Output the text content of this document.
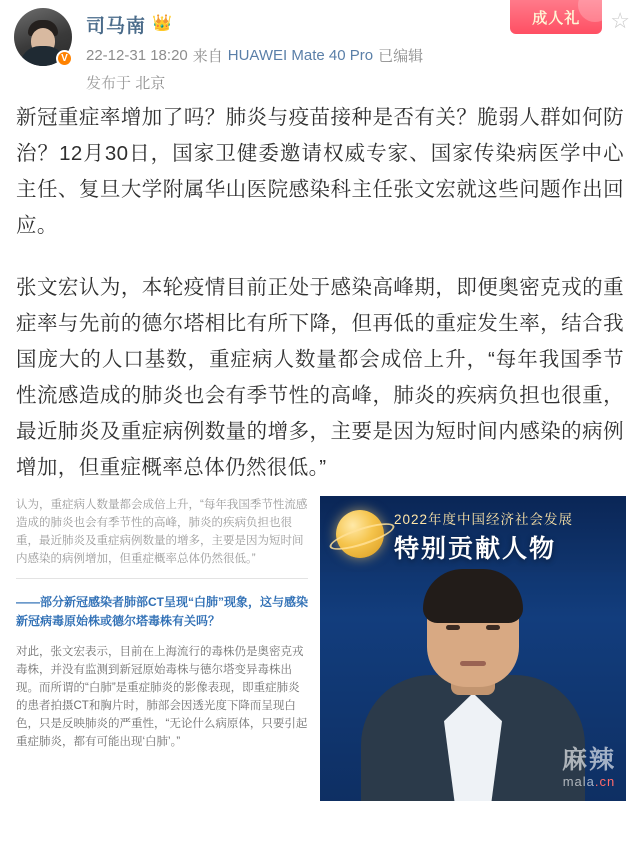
V
司马南 👑
22-12-31 18:20 来自 HUAWEI Mate 40 Pro 已编辑
发布于 北京
成人礼	☆

新冠重症率增加了吗？肺炎与疫苗接种是否有关？脆弱人群如何防治？12月30日，国家卫健委邀请权威专家、国家传染病医学中心主任、复旦大学附属华山医院感染科主任张文宏就这些问题作出回应。

张文宏认为，本轮疫情目前正处于感染高峰期，即便奥密克戎的重症率与先前的德尔塔相比有所下降，但再低的重症发生率，结合我国庞大的人口基数，重症病人数量都会成倍上升，“每年我国季节性流感造成的肺炎也会有季节性的高峰，肺炎的疾病负担也很重，最近肺炎及重症病例数量的增多，主要是因为短时间内感染的病例增加，但重症概率总体仍然很低。”

认为，重症病人数量都会成倍上升，“每年我国季节性流感造成的肺炎也会有季节性的高峰，肺炎的疾病负担也很重，最近肺炎及重症病例数量的增多，主要是因为短时间内感染的病例增加，但重症概率总体仍然很低。”

——部分新冠感染者肺部CT呈现“白肺”现象，这与感染新冠病毒原始株或德尔塔毒株有关吗？

对此，张文宏表示，目前在上海流行的毒株仍是奥密克戎毒株，并没有监测到新冠原始毒株与德尔塔变异毒株出现。而所谓的“白肺”是重症肺炎的影像表现，即重症肺炎的患者拍摄CT和胸片时，肺部会因透光度下降而呈现白色，只是反映肺炎的严重性，“无论什么病原体，只要引起重症肺炎，都有可能出现‘白肺’。”

2022年度中国经济社会发展
特别贡献人物
麻辣
mala.cn
